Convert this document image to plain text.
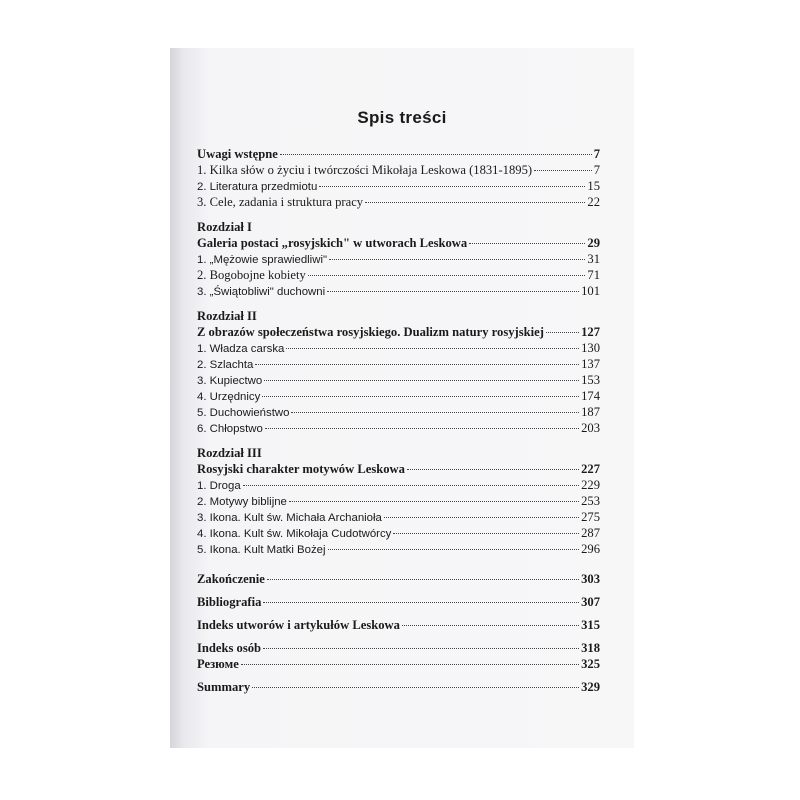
Spis treści
Uwagi wstępne	7
1. Kilka słów o życiu i twórczości Mikołaja Leskowa (1831-1895)	7
2. Literatura przedmiotu	15
3. Cele, zadania i struktura pracy	22
Rozdział I
Galeria postaci „rosyjskich" w utworach Leskowa	29
1. „Mężowie sprawiedliwi"	31
2. Bogobojne kobiety	71
3. „Świątobliwi" duchowni	101
Rozdział II
Z obrazów społeczeństwa rosyjskiego. Dualizm natury rosyjskiej	127
1. Władza carska	130
2. Szlachta	137
3. Kupiectwo	153
4. Urzędnicy	174
5. Duchowieństwo	187
6. Chłopstwo	203
Rozdział III
Rosyjski charakter motywów Leskowa	227
1. Droga	229
2. Motywy biblijne	253
3. Ikona. Kult św. Michała Archanioła	275
4. Ikona. Kult św. Mikołaja Cudotwórcy	287
5. Ikona. Kult Matki Bożej	296
Zakończenie	303
Bibliografia	307
Indeks utworów i artykułów Leskowa	315
Indeks osób	318
Резюме	325
Summary	329
